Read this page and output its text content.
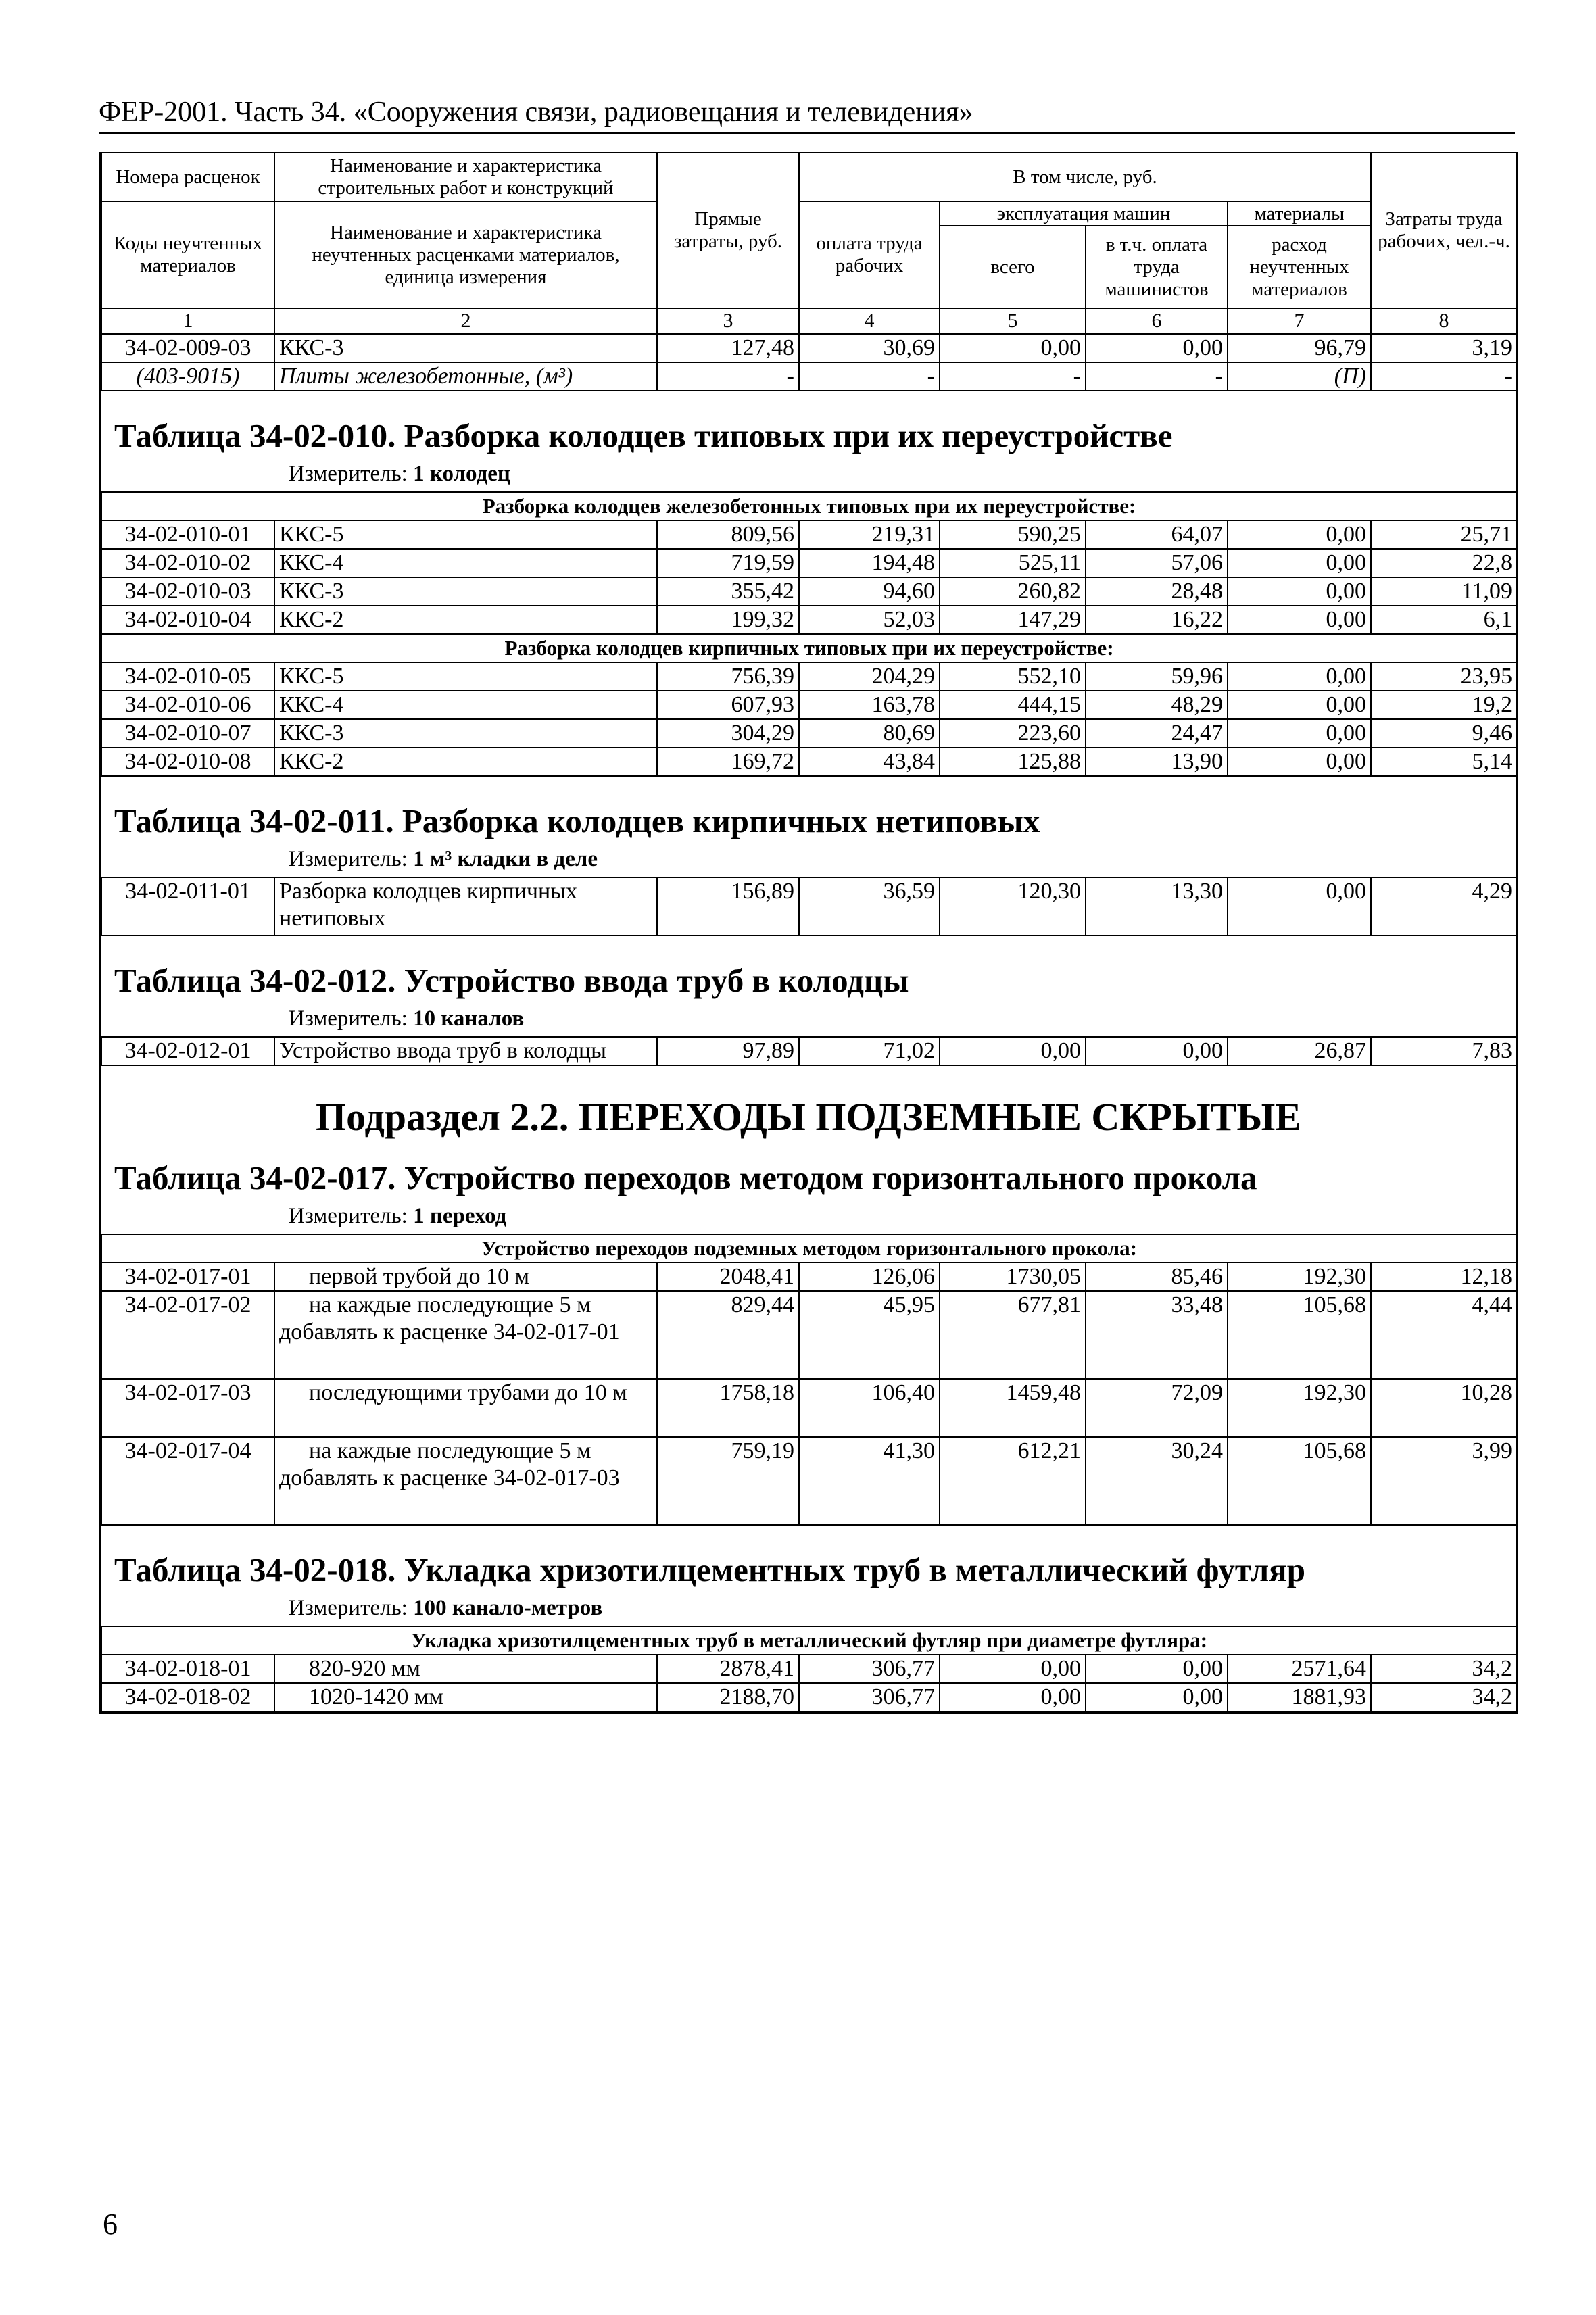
ФЕР-2001. Часть 34. «Сооружения связи, радиовещания и телевидения»
Номера расценок	Наименование и характеристика строительных работ и конструкций	Прямые затраты, руб.	В том числе, руб.				Затраты труда рабочих, чел.-ч.
Коды неучтенных материалов	Наименование и характеристика неучтенных расценками материалов, единица измерения		оплата труда рабочих	эксплуатация машин		материалы	
				всего	в т.ч. оплата труда машинистов	расход неучтенных материалов	
1	2	3	4	5	6	7	8
34-02-009-03	ККС-3	127,48	30,69	0,00	0,00	96,79	3,19
(403-9015)	Плиты железобетонные, (м³)	-	-	-	-	(П)	-
Таблица 34-02-010. Разборка колодцев типовых при их переустройстве
Измеритель: 1 колодец
Разборка колодцев железобетонных типовых при их переустройстве:							
34-02-010-01	ККС-5	809,56	219,31	590,25	64,07	0,00	25,71
34-02-010-02	ККС-4	719,59	194,48	525,11	57,06	0,00	22,8
34-02-010-03	ККС-3	355,42	94,60	260,82	28,48	0,00	11,09
34-02-010-04	ККС-2	199,32	52,03	147,29	16,22	0,00	6,1
Разборка колодцев кирпичных типовых при их переустройстве:							
34-02-010-05	ККС-5	756,39	204,29	552,10	59,96	0,00	23,95
34-02-010-06	ККС-4	607,93	163,78	444,15	48,29	0,00	19,2
34-02-010-07	ККС-3	304,29	80,69	223,60	24,47	0,00	9,46
34-02-010-08	ККС-2	169,72	43,84	125,88	13,90	0,00	5,14
Таблица 34-02-011. Разборка колодцев кирпичных нетиповых
Измеритель: 1 м³ кладки в деле
34-02-011-01	Разборка колодцев кирпичных нетиповых	156,89	36,59	120,30	13,30	0,00	4,29
Таблица 34-02-012. Устройство ввода труб в колодцы
Измеритель: 10 каналов
34-02-012-01	Устройство ввода труб в колодцы	97,89	71,02	0,00	0,00	26,87	7,83
Подраздел 2.2. ПЕРЕХОДЫ ПОДЗЕМНЫЕ СКРЫТЫЕ
Таблица 34-02-017. Устройство переходов методом горизонтального прокола
Измеритель: 1 переход
Устройство переходов подземных методом горизонтального прокола:							
34-02-017-01	первой трубой до 10 м	2048,41	126,06	1730,05	85,46	192,30	12,18
34-02-017-02	на каждые последующие 5 м добавлять к расценке 34-02-017-01	829,44	45,95	677,81	33,48	105,68	4,44
34-02-017-03	последующими трубами до 10 м	1758,18	106,40	1459,48	72,09	192,30	10,28
34-02-017-04	на каждые последующие 5 м добавлять к расценке 34-02-017-03	759,19	41,30	612,21	30,24	105,68	3,99
Таблица 34-02-018. Укладка хризотилцементных труб в металлический футляр
Измеритель: 100 канало-метров
Укладка хризотилцементных труб в металлический футляр при диаметре футляра:							
34-02-018-01	820-920 мм	2878,41	306,77	0,00	0,00	2571,64	34,2
34-02-018-02	1020-1420 мм	2188,70	306,77	0,00	0,00	1881,93	34,2
6
